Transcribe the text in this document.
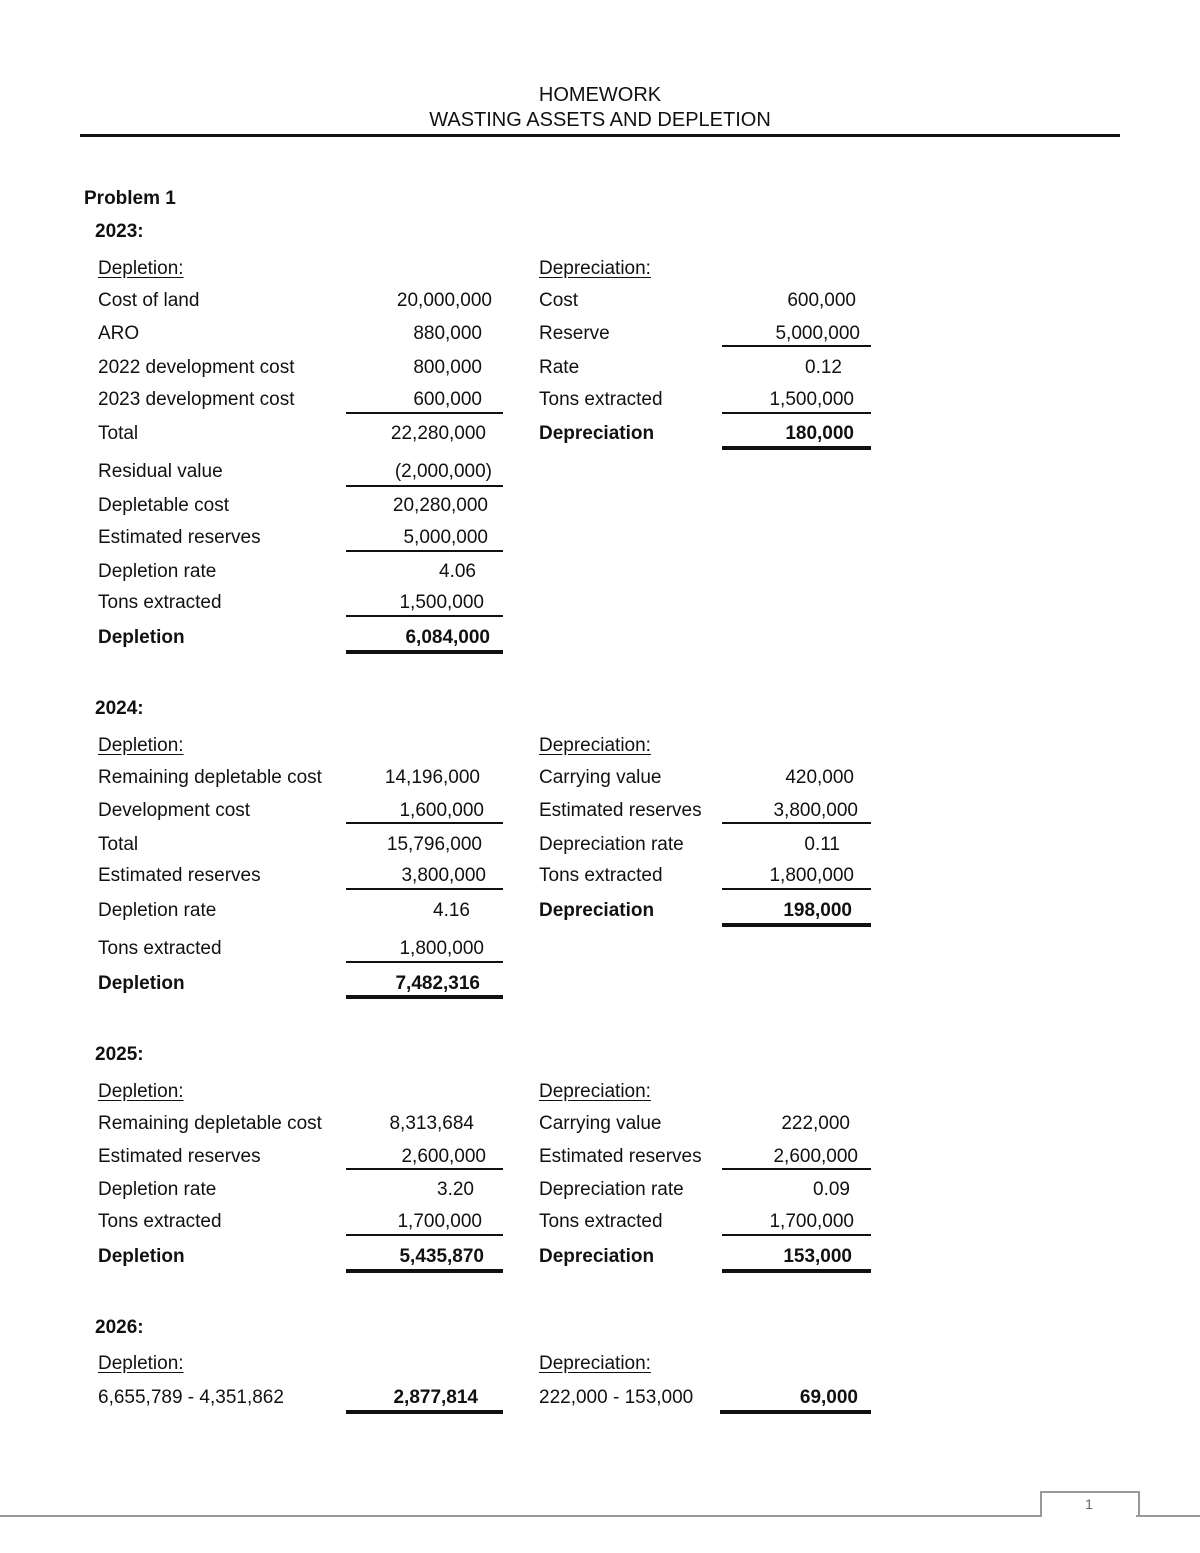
HOMEWORK
WASTING ASSETS AND DEPLETION
Problem 1
2023:
Depletion:
Cost of land	20,000,000
ARO	880,000
2022 development cost	800,000
2023 development cost	600,000
Total	22,280,000
Residual value	(2,000,000)
Depletable cost	20,280,000
Estimated reserves	5,000,000
Depletion rate	4.06
Tons extracted	1,500,000
Depletion	6,084,000
Depreciation:
Cost	600,000
Reserve	5,000,000
Rate	0.12
Tons extracted	1,500,000
Depreciation	180,000
2024:
Depletion:
Remaining depletable cost	14,196,000
Development cost	1,600,000
Total	15,796,000
Estimated reserves	3,800,000
Depletion rate	4.16
Tons extracted	1,800,000
Depletion	7,482,316
Depreciation:
Carrying value	420,000
Estimated reserves	3,800,000
Depreciation rate	0.11
Tons extracted	1,800,000
Depreciation	198,000
2025:
Depletion:
Remaining depletable cost	8,313,684
Estimated reserves	2,600,000
Depletion rate	3.20
Tons extracted	1,700,000
Depletion	5,435,870
Depreciation:
Carrying value	222,000
Estimated reserves	2,600,000
Depreciation rate	0.09
Tons extracted	1,700,000
Depreciation	153,000
2026:
Depletion:
6,655,789 - 4,351,862	2,877,814
Depreciation:
222,000 - 153,000	69,000
1
